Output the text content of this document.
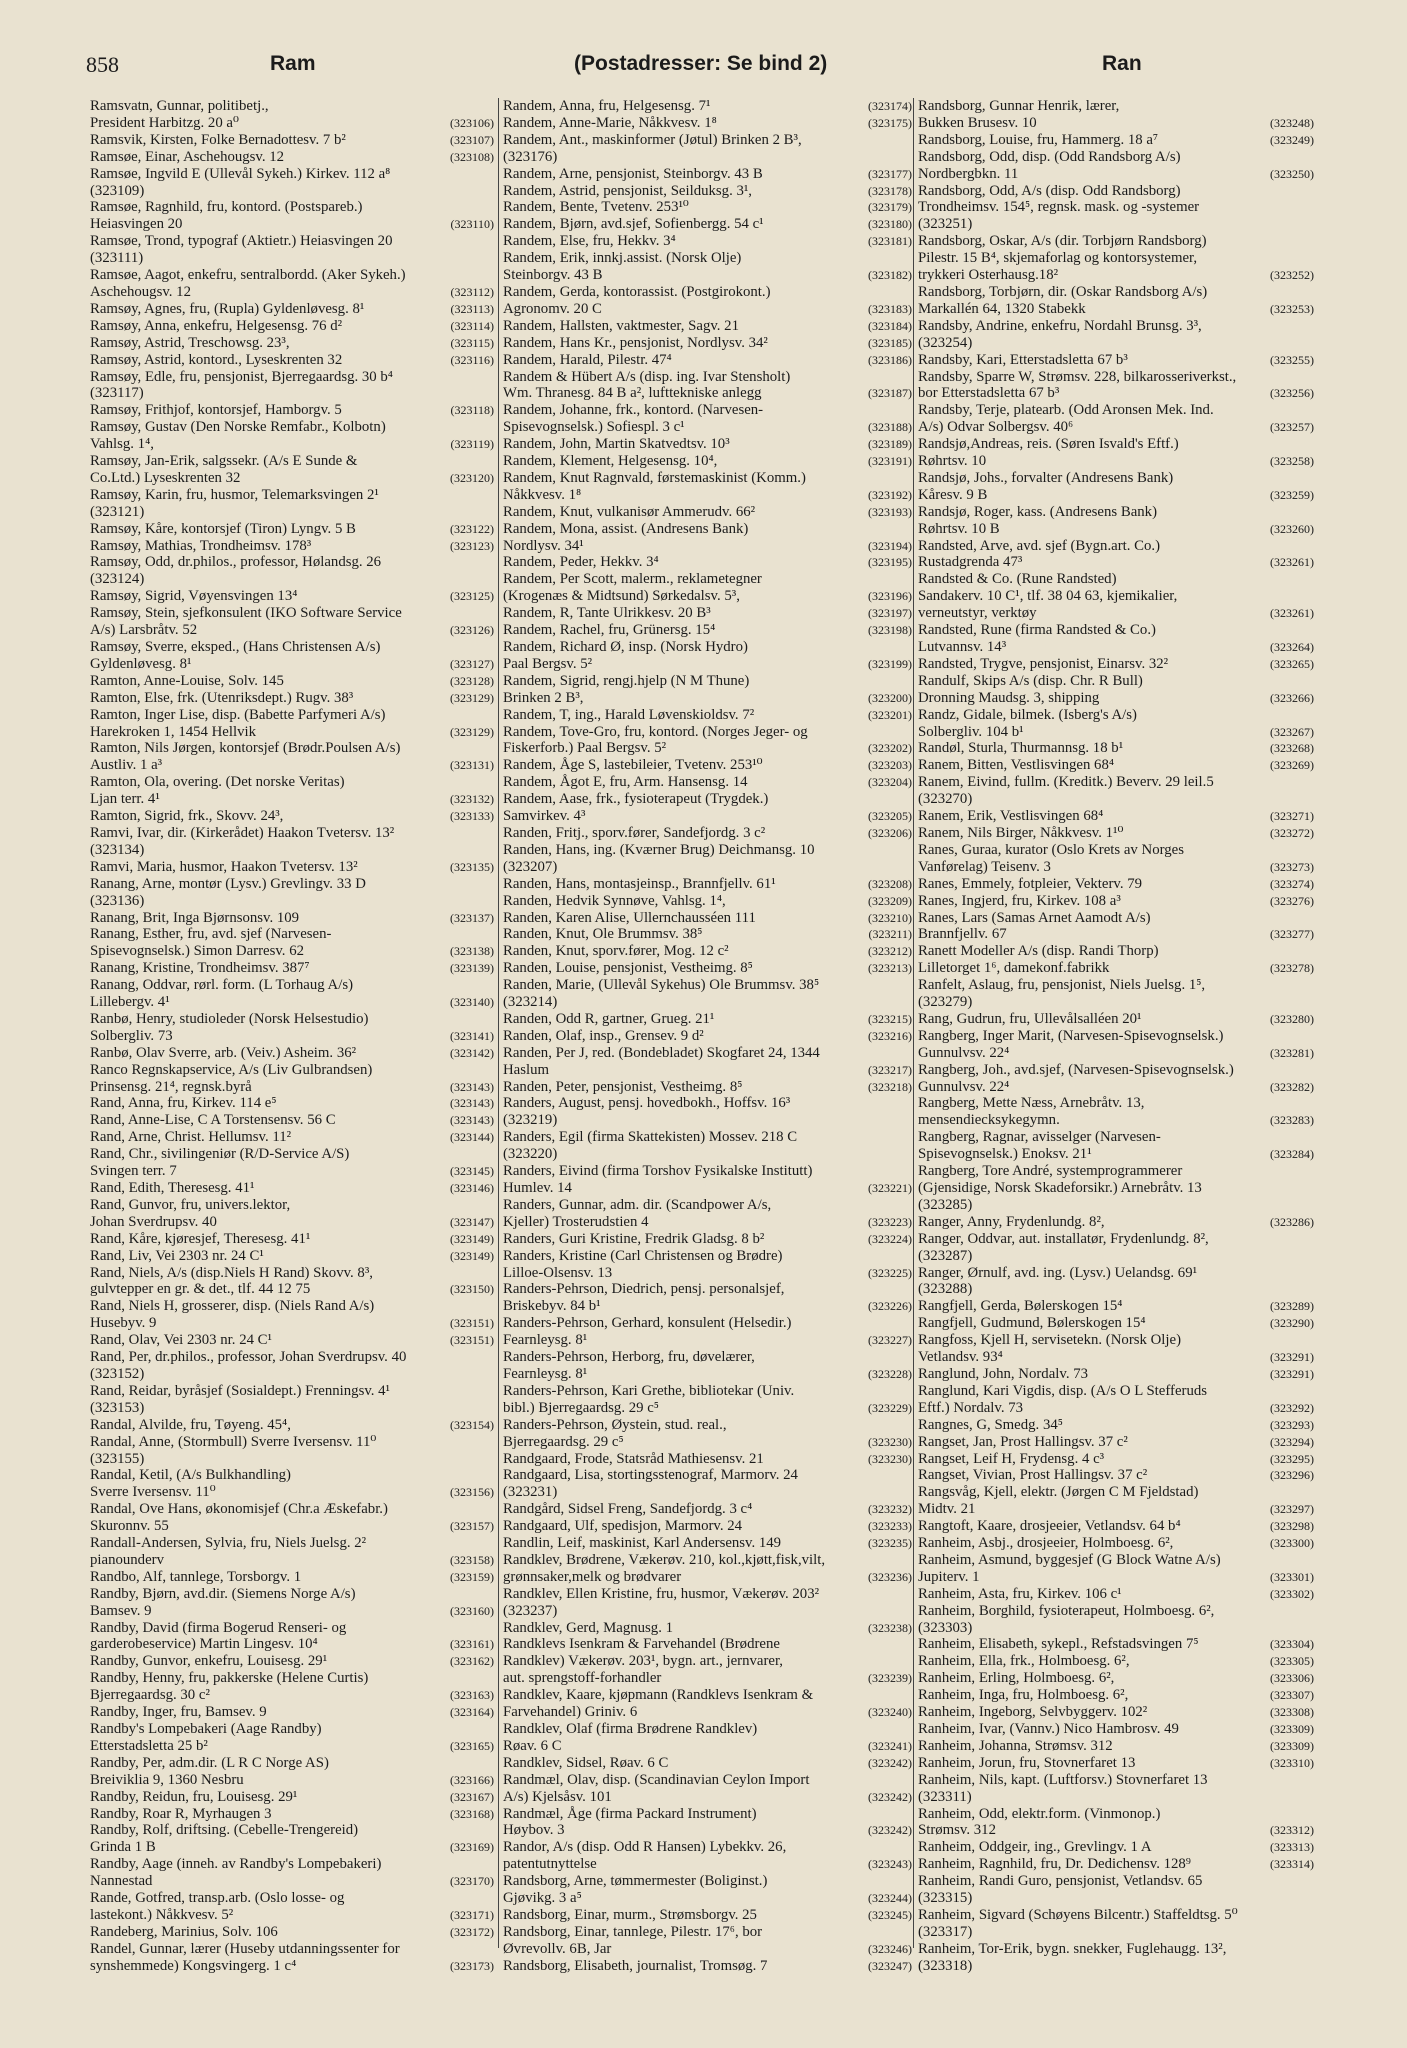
858	Ram	(Postadresser: Se bind 2)	Ran
Ramsvatn, Gunnar, politibetj.,
President Harbitzg. 20 a⁰	(323106)
Ramsvik, Kirsten, Folke Bernadottesv. 7 b²	(323107)
Ramsøe, Einar, Aschehougsv. 12	(323108)
Ramsøe, Ingvild E (Ullevål Sykeh.) Kirkev. 112 a⁸
(323109)
Ramsøe, Ragnhild, fru, kontord. (Postspareb.)
Heiasvingen 20	(323110)
Ramsøe, Trond, typograf (Aktietr.) Heiasvingen 20
(323111)
Ramsøe, Aagot, enkefru, sentralbordd. (Aker Sykeh.)
Aschehougsv. 12	(323112)
Ramsøy, Agnes, fru, (Rupla) Gyldenløvesg. 8¹	(323113)
Ramsøy, Anna, enkefru, Helgesensg. 76 d²	(323114)
Ramsøy, Astrid, Treschowsg. 23³,	(323115)
Ramsøy, Astrid, kontord., Lyseskrenten 32	(323116)
Ramsøy, Edle, fru, pensjonist, Bjerregaardsg. 30 b⁴
(323117)
Ramsøy, Frithjof, kontorsjef, Hamborgv. 5	(323118)
Ramsøy, Gustav (Den Norske Remfabr., Kolbotn)
Vahlsg. 1⁴,	(323119)
Ramsøy, Jan-Erik, salgssekr. (A/s E Sunde &
Co.Ltd.) Lyseskrenten 32	(323120)
Ramsøy, Karin, fru, husmor, Telemarksvingen 2¹
(323121)
Ramsøy, Kåre, kontorsjef (Tiron) Lyngv. 5 B	(323122)
Ramsøy, Mathias, Trondheimsv. 178³	(323123)
Ramsøy, Odd, dr.philos., professor, Hølandsg. 26
(323124)
Ramsøy, Sigrid, Vøyensvingen 13⁴	(323125)
Ramsøy, Stein, sjefkonsulent (IKO Software Service
A/s) Larsbråtv. 52	(323126)
Ramsøy, Sverre, eksped., (Hans Christensen A/s)
Gyldenløvesg. 8¹	(323127)
Ramton, Anne-Louise, Solv. 145	(323128)
Ramton, Else, frk. (Utenriksdept.) Rugv. 38³	(323129)
Ramton, Inger Lise, disp. (Babette Parfymeri A/s)
Harekroken 1, 1454 Hellvik	(323129)
Ramton, Nils Jørgen, kontorsjef (Brødr.Poulsen A/s)
Austliv. 1 a³	(323131)
Ramton, Ola, overing. (Det norske Veritas)
Ljan terr. 4¹	(323132)
Ramton, Sigrid, frk., Skovv. 24³,	(323133)
Ramvi, Ivar, dir. (Kirkerådet) Haakon Tvetersv. 13²
(323134)
Ramvi, Maria, husmor, Haakon Tvetersv. 13²	(323135)
Ranang, Arne, montør (Lysv.) Grevlingv. 33 D
(323136)
Ranang, Brit, Inga Bjørnsonsv. 109	(323137)
Ranang, Esther, fru, avd. sjef (Narvesen-
Spisevognselsk.) Simon Darresv. 62	(323138)
Ranang, Kristine, Trondheimsv. 387⁷	(323139)
Ranang, Oddvar, rørl. form. (L Torhaug A/s)
Lillebergv. 4¹	(323140)
Ranbø, Henry, studioleder (Norsk Helsestudio)
Solbergliv. 73	(323141)
Ranbø, Olav Sverre, arb. (Veiv.) Asheim. 36²	(323142)
Ranco Regnskapservice, A/s (Liv Gulbrandsen)
Prinsensg. 21⁴, regnsk.byrå	(323143)
Rand, Anna, fru, Kirkev. 114 e⁵	(323143)
Rand, Anne-Lise, C A Torstensensv. 56 C	(323143)
Rand, Arne, Christ. Hellumsv. 11²	(323144)
Rand, Chr., sivilingeniør (R/D-Service A/S)
Svingen terr. 7	(323145)
Rand, Edith, Theresesg. 41¹	(323146)
Rand, Gunvor, fru, univers.lektor,
Johan Sverdrupsv. 40	(323147)
Rand, Kåre, kjøresjef, Theresesg. 41¹	(323149)
Rand, Liv, Vei 2303 nr. 24 C¹	(323149)
Rand, Niels, A/s (disp.Niels H Rand) Skovv. 8³,
gulvtepper en gr. & det., tlf. 44 12 75	(323150)
Rand, Niels H, grosserer, disp. (Niels Rand A/s)
Husebyv. 9	(323151)
Rand, Olav, Vei 2303 nr. 24 C¹	(323151)
Rand, Per, dr.philos., professor, Johan Sverdrupsv. 40
(323152)
Rand, Reidar, byråsjef (Sosialdept.) Frenningsv. 4¹
(323153)
Randal, Alvilde, fru, Tøyeng. 45⁴,	(323154)
Randal, Anne, (Stormbull) Sverre Iversensv. 11⁰
(323155)
Randal, Ketil, (A/s Bulkhandling)
Sverre Iversensv. 11⁰	(323156)
Randal, Ove Hans, økonomisjef (Chr.a Æskefabr.)
Skuronnv. 55	(323157)
Randall-Andersen, Sylvia, fru, Niels Juelsg. 2²
pianounderv	(323158)
Randbo, Alf, tannlege, Torsborgv. 1	(323159)
Randby, Bjørn, avd.dir. (Siemens Norge A/s)
Bamsev. 9	(323160)
Randby, David (firma Bogerud Renseri- og
garderobeservice) Martin Lingesv. 10⁴	(323161)
Randby, Gunvor, enkefru, Louisesg. 29¹	(323162)
Randby, Henny, fru, pakkerske (Helene Curtis)
Bjerregaardsg. 30 c²	(323163)
Randby, Inger, fru, Bamsev. 9	(323164)
Randby's Lompebakeri (Aage Randby)
Etterstadsletta 25 b²	(323165)
Randby, Per, adm.dir. (L R C Norge AS)
Breiviklia 9, 1360 Nesbru	(323166)
Randby, Reidun, fru, Louisesg. 29¹	(323167)
Randby, Roar R, Myrhaugen 3	(323168)
Randby, Rolf, driftsing. (Cebelle-Trengereid)
Grinda 1 B	(323169)
Randby, Aage (inneh. av Randby's Lompebakeri)
Nannestad	(323170)
Rande, Gotfred, transp.arb. (Oslo losse- og
lastekont.) Nåkkvesv. 5²	(323171)
Randeberg, Marinius, Solv. 106	(323172)
Randel, Gunnar, lærer (Huseby utdanningssenter for
synshemmede) Kongsvingerg. 1 c⁴	(323173)
Randem, Anna, fru, Helgesensg. 7¹	(323174)
Randem, Anne-Marie, Nåkkvesv. 1⁸	(323175)
Randem, Ant., maskinformer (Jøtul) Brinken 2 B³,
(323176)
Randem, Arne, pensjonist, Steinborgv. 43 B	(323177)
Randem, Astrid, pensjonist, Seilduksg. 3¹,	(323178)
Randem, Bente, Tvetenv. 253¹⁰	(323179)
Randem, Bjørn, avd.sjef, Sofienbergg. 54 c¹	(323180)
Randem, Else, fru, Hekkv. 3⁴	(323181)
Randem, Erik, innkj.assist. (Norsk Olje)
Steinborgv. 43 B	(323182)
Randem, Gerda, kontorassist. (Postgirokont.)
Agronomv. 20 C	(323183)
Randem, Hallsten, vaktmester, Sagv. 21	(323184)
Randem, Hans Kr., pensjonist, Nordlysv. 34²	(323185)
Randem, Harald, Pilestr. 47⁴	(323186)
Randem & Hübert A/s (disp. ing. Ivar Stensholt)
Wm. Thranesg. 84 B a², lufttekniske anlegg	(323187)
Randem, Johanne, frk., kontord. (Narvesen-
Spisevognselsk.) Sofiespl. 3 c¹	(323188)
Randem, John, Martin Skatvedtsv. 10³	(323189)
Randem, Klement, Helgesensg. 10⁴,	(323191)
Randem, Knut Ragnvald, førstemaskinist (Komm.)
Nåkkvesv. 1⁸	(323192)
Randem, Knut, vulkanisør Ammerudv. 66²	(323193)
Randem, Mona, assist. (Andresens Bank)
Nordlysv. 34¹	(323194)
Randem, Peder, Hekkv. 3⁴	(323195)
Randem, Per Scott, malerm., reklametegner
(Krogenæs & Midtsund) Sørkedalsv. 5³,	(323196)
Randem, R, Tante Ulrikkesv. 20 B³	(323197)
Randem, Rachel, fru, Grünersg. 15⁴	(323198)
Randem, Richard Ø, insp. (Norsk Hydro)
Paal Bergsv. 5²	(323199)
Randem, Sigrid, rengj.hjelp (N M Thune)
Brinken 2 B³,	(323200)
Randem, T, ing., Harald Løvenskioldsv. 7²	(323201)
Randem, Tove-Gro, fru, kontord. (Norges Jeger- og
Fiskerforb.) Paal Bergsv. 5²	(323202)
Randem, Åge S, lastebileier, Tvetenv. 253¹⁰	(323203)
Randem, Ågot E, fru, Arm. Hansensg. 14	(323204)
Randem, Aase, frk., fysioterapeut (Trygdek.)
Samvirkev. 4³	(323205)
Randen, Fritj., sporv.fører, Sandefjordg. 3 c²	(323206)
Randen, Hans, ing. (Kværner Brug) Deichmansg. 10
(323207)
Randen, Hans, montasjeinsp., Brannfjellv. 61¹	(323208)
Randen, Hedvik Synnøve, Vahlsg. 1⁴,	(323209)
Randen, Karen Alise, Ullernchausséen 111	(323210)
Randen, Knut, Ole Brummsv. 38⁵	(323211)
Randen, Knut, sporv.fører, Mog. 12 c²	(323212)
Randen, Louise, pensjonist, Vestheimg. 8⁵	(323213)
Randen, Marie, (Ullevål Sykehus) Ole Brummsv. 38⁵
(323214)
Randen, Odd R, gartner, Grueg. 21¹	(323215)
Randen, Olaf, insp., Grensev. 9 d²	(323216)
Randen, Per J, red. (Bondebladet) Skogfaret 24, 1344
Haslum	(323217)
Randen, Peter, pensjonist, Vestheimg. 8⁵	(323218)
Randers, August, pensj. hovedbokh., Hoffsv. 16³
(323219)
Randers, Egil (firma Skattekisten) Mossev. 218 C
(323220)
Randers, Eivind (firma Torshov Fysikalske Institutt)
Humlev. 14	(323221)
Randers, Gunnar, adm. dir. (Scandpower A/s,
Kjeller) Trosterudstien 4	(323223)
Randers, Guri Kristine, Fredrik Gladsg. 8 b²	(323224)
Randers, Kristine (Carl Christensen og Brødre)
Lilloe-Olsensv. 13	(323225)
Randers-Pehrson, Diedrich, pensj. personalsjef,
Briskebyv. 84 b¹	(323226)
Randers-Pehrson, Gerhard, konsulent (Helsedir.)
Fearnleysg. 8¹	(323227)
Randers-Pehrson, Herborg, fru, døvelærer,
Fearnleysg. 8¹	(323228)
Randers-Pehrson, Kari Grethe, bibliotekar (Univ.
bibl.) Bjerregaardsg. 29 c⁵	(323229)
Randers-Pehrson, Øystein, stud. real.,
Bjerregaardsg. 29 c⁵	(323230)
Randgaard, Frode, Statsråd Mathiesensv. 21	(323230)
Randgaard, Lisa, stortingsstenograf, Marmorv. 24
(323231)
Randgård, Sidsel Freng, Sandefjordg. 3 c⁴	(323232)
Randgaard, Ulf, spedisjon, Marmorv. 24	(323233)
Randlin, Leif, maskinist, Karl Andersensv. 149	(323235)
Randklev, Brødrene, Vækerøv. 210, kol.,kjøtt,fisk,vilt,
grønnsaker,melk og brødvarer	(323236)
Randklev, Ellen Kristine, fru, husmor, Vækerøv. 203²
(323237)
Randklev, Gerd, Magnusg. 1	(323238)
Randklevs Isenkram & Farvehandel (Brødrene
Randklev) Vækerøv. 203¹, bygn. art., jernvarer,
aut. sprengstoff-forhandler	(323239)
Randklev, Kaare, kjøpmann (Randklevs Isenkram &
Farvehandel) Griniv. 6	(323240)
Randklev, Olaf (firma Brødrene Randklev)
Røav. 6 C	(323241)
Randklev, Sidsel, Røav. 6 C	(323242)
Randmæl, Olav, disp. (Scandinavian Ceylon Import
A/s) Kjelsåsv. 101	(323242)
Randmæl, Åge (firma Packard Instrument)
Høybov. 3	(323242)
Randor, A/s (disp. Odd R Hansen) Lybekkv. 26,
patentutnyttelse	(323243)
Randsborg, Arne, tømmermester (Boliginst.)
Gjøvikg. 3 a⁵	(323244)
Randsborg, Einar, murm., Strømsborgv. 25	(323245)
Randsborg, Einar, tannlege, Pilestr. 17⁶, bor
Øvrevollv. 6B, Jar	(323246)
Randsborg, Elisabeth, journalist, Tromsøg. 7	(323247)
Randsborg, Gunnar Henrik, lærer,
Bukken Brusesv. 10	(323248)
Randsborg, Louise, fru, Hammerg. 18 a⁷	(323249)
Randsborg, Odd, disp. (Odd Randsborg A/s)
Nordbergbkn. 11	(323250)
Randsborg, Odd, A/s (disp. Odd Randsborg)
Trondheimsv. 154⁵, regnsk. mask. og -systemer
(323251)
Randsborg, Oskar, A/s (dir. Torbjørn Randsborg)
Pilestr. 15 B⁴, skjemaforlag og kontorsystemer,
trykkeri Osterhausg.18²	(323252)
Randsborg, Torbjørn, dir. (Oskar Randsborg A/s)
Markallén 64, 1320 Stabekk	(323253)
Randsby, Andrine, enkefru, Nordahl Brunsg. 3³,
(323254)
Randsby, Kari, Etterstadsletta 67 b³	(323255)
Randsby, Sparre W, Strømsv. 228, bilkarosseriverkst.,
bor Etterstadsletta 67 b³	(323256)
Randsby, Terje, platearb. (Odd Aronsen Mek. Ind.
A/s) Odvar Solbergsv. 40⁶	(323257)
Randsjø,Andreas, reis. (Søren Isvald's Eftf.)
Røhrtsv. 10	(323258)
Randsjø, Johs., forvalter (Andresens Bank)
Kåresv. 9 B	(323259)
Randsjø, Roger, kass. (Andresens Bank)
Røhrtsv. 10 B	(323260)
Randsted, Arve, avd. sjef (Bygn.art. Co.)
Rustadgrenda 47³	(323261)
Randsted & Co. (Rune Randsted)
Sandakerv. 10 C¹, tlf. 38 04 63, kjemikalier,
verneutstyr, verktøy	(323261)
Randsted, Rune (firma Randsted & Co.)
Lutvannsv. 14³	(323264)
Randsted, Trygve, pensjonist, Einarsv. 32²	(323265)
Randulf, Skips A/s (disp. Chr. R Bull)
Dronning Maudsg. 3, shipping	(323266)
Randz, Gidale, bilmek. (Isberg's A/s)
Solbergliv. 104 b¹	(323267)
Randøl, Sturla, Thurmannsg. 18 b¹	(323268)
Ranem, Bitten, Vestlisvingen 68⁴	(323269)
Ranem, Eivind, fullm. (Kreditk.) Beverv. 29 leil.5
(323270)
Ranem, Erik, Vestlisvingen 68⁴	(323271)
Ranem, Nils Birger, Nåkkvesv. 1¹⁰	(323272)
Ranes, Guraa, kurator (Oslo Krets av Norges
Vanførelag) Teisenv. 3	(323273)
Ranes, Emmely, fotpleier, Vekterv. 79	(323274)
Ranes, Ingjerd, fru, Kirkev. 108 a³	(323276)
Ranes, Lars (Samas Arnet Aamodt A/s)
Brannfjellv. 67	(323277)
Ranett Modeller A/s (disp. Randi Thorp)
Lilletorget 1⁶, damekonf.fabrikk	(323278)
Ranfelt, Aslaug, fru, pensjonist, Niels Juelsg. 1⁵,
(323279)
Rang, Gudrun, fru, Ullevålsalléen 20¹	(323280)
Rangberg, Inger Marit, (Narvesen-Spisevognselsk.)
Gunnulvsv. 22⁴	(323281)
Rangberg, Joh., avd.sjef, (Narvesen-Spisevognselsk.)
Gunnulvsv. 22⁴	(323282)
Rangberg, Mette Næss, Arnebråtv. 13,
mensendiecksykegymn.	(323283)
Rangberg, Ragnar, avisselger (Narvesen-
Spisevognselsk.) Enoksv. 21¹	(323284)
Rangberg, Tore André, systemprogrammerer
(Gjensidige, Norsk Skadeforsikr.) Arnebråtv. 13
(323285)
Ranger, Anny, Frydenlundg. 8²,	(323286)
Ranger, Oddvar, aut. installatør, Frydenlundg. 8²,
(323287)
Ranger, Ørnulf, avd. ing. (Lysv.) Uelandsg. 69¹
(323288)
Rangfjell, Gerda, Bølerskogen 15⁴	(323289)
Rangfjell, Gudmund, Bølerskogen 15⁴	(323290)
Rangfoss, Kjell H, servisetekn. (Norsk Olje)
Vetlandsv. 93⁴	(323291)
Ranglund, John, Nordalv. 73	(323291)
Ranglund, Kari Vigdis, disp. (A/s O L Stefferuds
Eftf.) Nordalv. 73	(323292)
Rangnes, G, Smedg. 34⁵	(323293)
Rangset, Jan, Prost Hallingsv. 37 c²	(323294)
Rangset, Leif H, Frydensg. 4 c³	(323295)
Rangset, Vivian, Prost Hallingsv. 37 c²	(323296)
Rangsvåg, Kjell, elektr. (Jørgen C M Fjeldstad)
Midtv. 21	(323297)
Rangtoft, Kaare, drosjeeier, Vetlandsv. 64 b⁴	(323298)
Ranheim, Asbj., drosjeeier, Holmboesg. 6²,	(323300)
Ranheim, Asmund, byggesjef (G Block Watne A/s)
Jupiterv. 1	(323301)
Ranheim, Asta, fru, Kirkev. 106 c¹	(323302)
Ranheim, Borghild, fysioterapeut, Holmboesg. 6²,
(323303)
Ranheim, Elisabeth, sykepl., Refstadsvingen 7⁵	(323304)
Ranheim, Ella, frk., Holmboesg. 6²,	(323305)
Ranheim, Erling, Holmboesg. 6²,	(323306)
Ranheim, Inga, fru, Holmboesg. 6²,	(323307)
Ranheim, Ingeborg, Selvbyggerv. 102²	(323308)
Ranheim, Ivar, (Vannv.) Nico Hambrosv. 49	(323309)
Ranheim, Johanna, Strømsv. 312	(323309)
Ranheim, Jorun, fru, Stovnerfaret 13	(323310)
Ranheim, Nils, kapt. (Luftforsv.) Stovnerfaret 13
(323311)
Ranheim, Odd, elektr.form. (Vinmonop.)
Strømsv. 312	(323312)
Ranheim, Oddgeir, ing., Grevlingv. 1 A	(323313)
Ranheim, Ragnhild, fru, Dr. Dedichensv. 128⁹	(323314)
Ranheim, Randi Guro, pensjonist, Vetlandsv. 65
(323315)
Ranheim, Sigvard (Schøyens Bilcentr.) Staffeldtsg. 5⁰
(323317)
Ranheim, Tor-Erik, bygn. snekker, Fuglehaugg. 13²,
(323318)
